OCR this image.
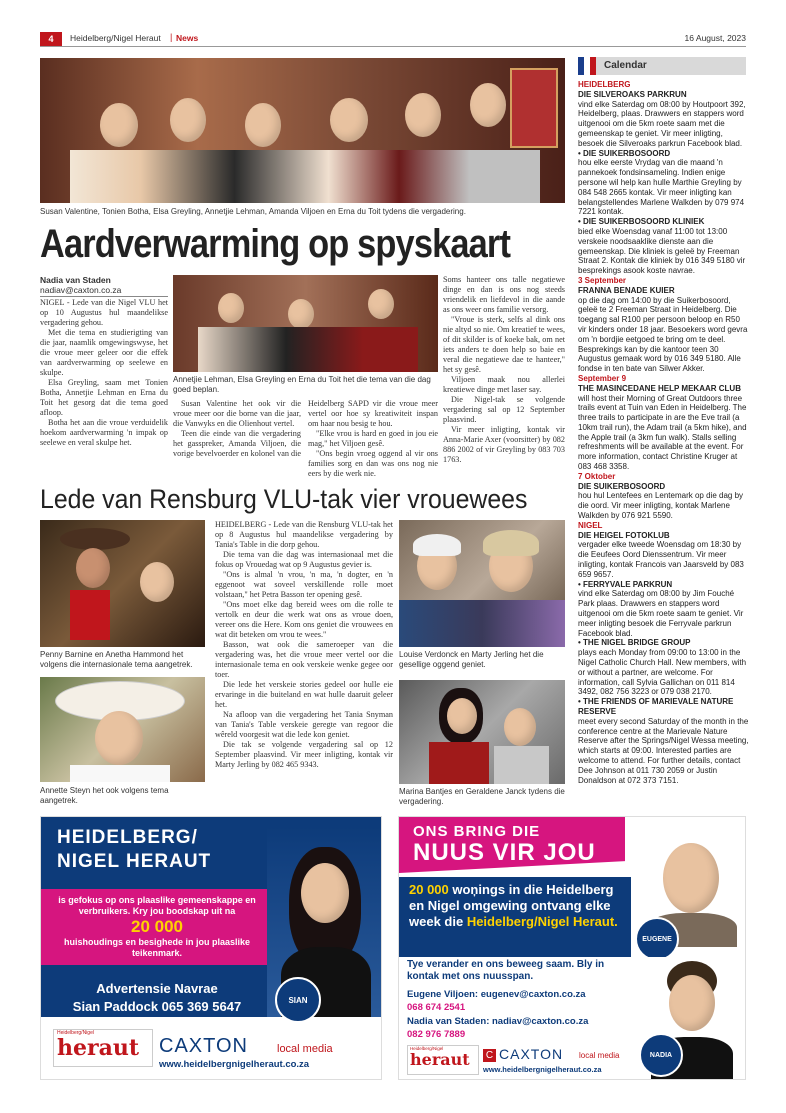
4	Heidelberg/Nigel Heraut | News	16 August, 2023
Susan Valentine, Tonien Botha, Elsa Greyling, Annetjie Lehman, Amanda Viljoen en Erna du Toit tydens die vergadering.
Aardverwarming op spyskaart
Nadia van Staden
nadiav@caxton.co.za

NIGEL - Lede van die Nigel VLU het op 10 Augustus hul maandelikse vergadering gehou.

Met die tema en studierigting van die jaar, naamlik omgewingswyse, het die vroue meer geleer oor die effek van aardverwarming op seelewe en skulpe.

Elsa Greyling, saam met Tonien Botha, Annetjie Lehman en Erna du Toit het gesorg dat die tema goed afloop.

Botha het aan die vroue verduidelik hoekom aardverwarming 'n impak op seelewe en veral skulpe het.

Annetjie Lehman, Elsa Greyling en Erna du Toit het die tema van die dag goed beplan.

Susan Valentine het ook vir die vroue meer oor die borne van die jaar, die Vanwyks en die Olienhout vertel.

Teen die einde van die vergadering het gasspreker, Amanda Viljoen, die vorige bevelvoerder en kolonel van die

Heidelberg SAPD vir die vroue meer vertel oor hoe sy kreatiwiteit inspan om haar nou besig te hou.

"Elke vrou is hard en goed in jou eie mag," het Viljoen gesê.

"Ons begin vroeg oggend al vir ons families sorg en dan was ons nog nie eers by die werk nie.

Soms hanteer ons talle negatiewe dinge en dan is ons nog steeds vriendelik en liefdevol in die aande as ons weer ons familie versorg.

"Vroue is sterk, selfs al dink ons nie altyd so nie. Om kreatief te wees, of dit skilder is of koeke bak, om net iets anders te doen help so baie en veral die negatiewe dae te hanteer," het sy gesê.

Viljoen maak nou allerlei kreatiewe dinge met laser say.

Die Nigel-tak se volgende vergadering sal op 12 September plaasvind.

Vir meer inligting, kontak vir Anna-Marie Axer (voorsitter) by 082 886 2002 of vir Greyling by 083 703 1763.

Lede van Rensburg VLU-tak vier vrouewees
Penny Barnine en Anetha Hammond het volgens die internasionale tema aangetrek.
Annette Steyn het ook volgens tema aangetrek.

HEIDELBERG - Lede van die Rensburg VLU-tak het op 8 Augustus hul maandelikse vergadering by Tania's Table in die dorp gehou.

Die tema van die dag was internasionaal met die fokus op Vrouedag wat op 9 Augustus gevier is.

"Ons is almal 'n vrou, 'n ma, 'n dogter, en 'n eggenoot wat soveel verskillende rolle moet volstaan," het Petra Basson ter opening gesê.

"Ons moet elke dag bereid wees om die rolle te vertolk en deur die werk wat ons as vroue doen, vereer ons die Here. Kom ons geniet die vrouwees en wat dit beteken om vrou te wees."

Basson, wat ook die sameroeper van die vergadering was, het die vroue meer vertel oor die internasionale tema en ook verskeie wenke gegee oor toer.

Die lede het verskeie stories gedeel oor hulle eie ervaringe in die buiteland en wat hulle daaruit geleer het.

Na afloop van die vergadering het Tania Snyman van Tania's Table verskeie geregte van regoor die wêreld voorgesit wat die lede kon geniet.

Die tak se volgende vergadering sal op 12 September plaasvind. Vir meer inligting, kontak vir Marty Jerling by 082 465 9343.

Louise Verdonck en Marty Jerling het die gesellige oggend geniet.
Marina Bantjes en Geraldene Janck tydens die vergadering.
Calendar
HEIDELBERG
DIE SILVEROAKS PARKRUN
vind elke Saterdag om 08:00 by Houtpoort 392, Heidelberg, plaas. Drawwers en stappers word uitgenooi om die 5km roete saam met die gemeenskap te geniet. Vir meer inligting, besoek die Silveroaks parkrun Facebook blad.
• DIE SUIKERBOSOORD
hou elke eerste Vrydag van die maand 'n pannekoek fondsinsameling. Indien enige persone wil help kan hulle Marthie Greyling by 084 548 2665 kontak. Vir meer inligting kan belangstellendes Marlene Walkden by 079 974 7221 kontak.
• DIE SUIKERBOSOORD KLINIEK
bied elke Woensdag vanaf 11:00 tot 13:00 verskeie noodsaaklike dienste aan die gemeenskap. Die kliniek is geleë by Freeman Straat 2. Kontak die kliniek by 016 349 5180 vir besprekings asook koste navrae.
3 September
FRANNA BENADE KUIER
op die dag om 14:00 by die Suikerbosoord, geleë te 2 Freeman Straat in Heidelberg. Die toegang sal R100 per persoon beloop en R50 vir kinders onder 18 jaar. Besoekers word gevra om 'n bordjie eetgoed te bring om te deel. Besprekings kan by die kantoor teen 30 Augustus gemaak word by 016 349 5180. Alle fondse in ten bate van Silwer Akker.
September 9
THE MASINCEDANE HELP MEKAAR CLUB
will host their Morning of Great Outdoors three trails event at Tuin van Eden in Heidelberg. The three trails to participate in are the Eve trail (a 10km trail run), the Adam trail (a 5km hike), and the Apple trail (a 3km fun walk). Stalls selling refreshments will be available at the event. For more information, contact Christine Kruger at 083 468 3358.
7 Oktober
DIE SUIKERBOSOORD
hou hul Lentefees en Lentemark op die dag by die oord. Vir meer inligting, kontak Marlene Walkden by 076 921 5590.
NIGEL
DIE HEIGEL FOTOKLUB
vergader elke tweede Woensdag om 18:30 by die Eeufees Oord Dienssentrum. Vir meer inligting, kontak Francois van Jaarsveld by 083 659 9657.
• FERRYVALE PARKRUN
vind elke Saterdag om 08:00 by Jim Fouché Park plaas. Drawwers en stappers word uitgenooi om die 5km roete saam te geniet. Vir meer inligting besoek die Ferryvale parkrun Facebook blad.
• THE NIGEL BRIDGE GROUP
plays each Monday from 09:00 to 13:00 in the Nigel Catholic Church Hall. New members, with or without a partner, are welcome. For information, call Sylvia Gallichan on 011 814 3492, 082 756 3223 or 079 038 2170.
• THE FRIENDS OF MARIEVALE NATURE RESERVE
meet every second Saturday of the month in the conference centre at the Marievale Nature Reserve after the Springs/Nigel Wessa meeting, which starts at 09:00. Interested parties are welcome to attend. For further details, contact Dee Johnson at 011 730 2059 or Justin Donaldson at 072 373 7151.
HEIDELBERG/
NIGEL HERAUT
is gefokus op ons plaaslike gemeenskappe en verbruikers. Kry jou boodskap uit na
20 000
huishoudings en besighede in jou plaaslike teikenmark.
Advertensie Navrae
Sian Paddock 065 369 5647	SIAN
Heidelberg/Nigel
heraut	CAXTON	local media
www.heidelbergnigelheraut.co.za
ONS BRING DIE
NUUS VIR JOU
20 000 woņings in die Heidelberg en Nigel omgewing ontvang elke week die Heidelberg/Nigel Heraut.
Tye verander en ons beweeg saam. Bly in kontak met ons nuusspan.
Eugene Viljoen: eugenev@caxton.co.za
068 674 2541
Nadia van Staden: nadiav@caxton.co.za
082 976 7889
EUGENE
NADIA
Heidelberg/Nigel
heraut	C CAXTON local media
www.heidelbergnigelheraut.co.za
